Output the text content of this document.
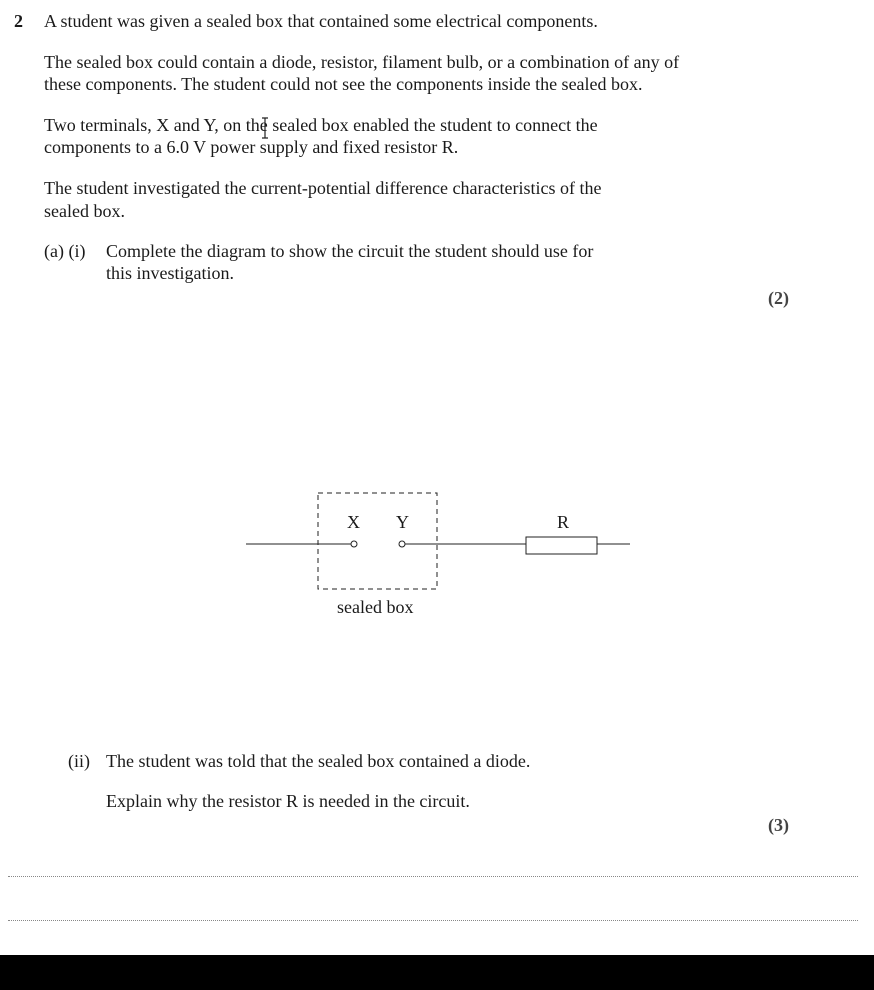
2 A student was given a sealed box that contained some electrical components.
The sealed box could contain a diode, resistor, filament bulb, or a combination of any of
these components. The student could not see the components inside the sealed box.
Two terminals, X and Y, on the sealed box enabled the student to connect the
components to a 6.0 V power supply and fixed resistor R.
The student investigated the current-potential difference characteristics of the
sealed box.
(a) (i) Complete the diagram to show the circuit the student should use for
this investigation.
(2)
X Y	R
sealed box
(ii) The student was told that the sealed box contained a diode.
Explain why the resistor R is needed in the circuit.
(3)
